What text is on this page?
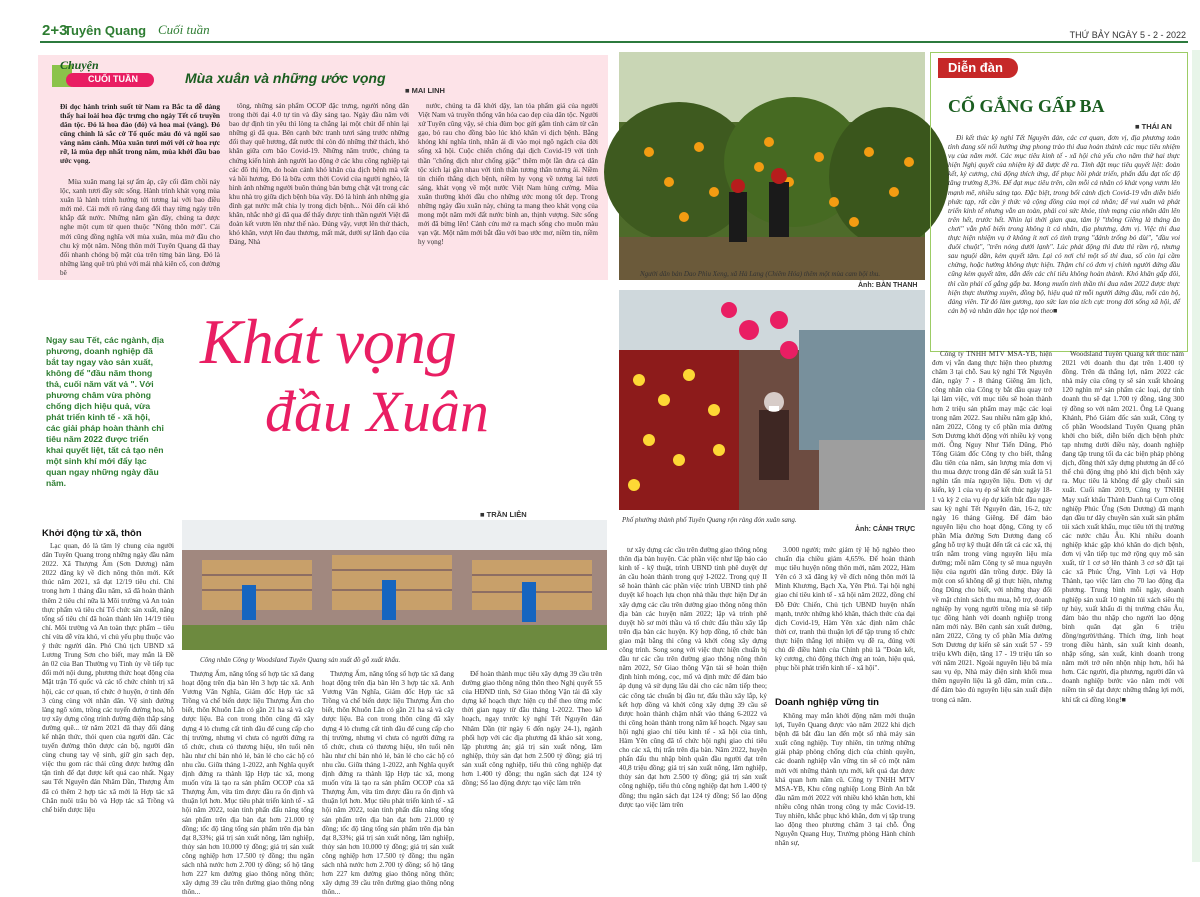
2+3
Tuyên Quang Cuối tuần	THỨ BẢY NGÀY 5 - 2 - 2022
Chuyện
CUỐI TUẦN	Mùa xuân và những ước vọng
■ MAI LINH
Đi dọc hành trình suốt từ Nam ra Bắc ta dễ dàng thấy hai loài hoa đặc trưng cho ngày Tết cổ truyền dân tộc. Đó là hoa đào (đỏ) và hoa mai (vàng). Đó cũng chính là sắc cờ Tổ quốc màu đỏ và ngôi sao vàng năm cánh. Mùa xuân tươi mới với cờ hoa rực rỡ, là mùa đẹp nhất trong năm, mùa khởi đầu bao ước vọng.

Mùa xuân mang lại sự ấm áp, cây cối đâm chồi nảy lộc, xanh tươi đầy sức sống. Hành trình khát vọng mùa xuân là hành trình hướng tới tương lai với bao điều mới mẻ. Cái mới rõ ràng đang đổi thay từng ngày trên khắp đất nước. Những năm gần đây, chúng ta được nghe một cụm từ quen thuộc "Nông thôn mới". Cái mới cũng đồng nghĩa với mùa xuân, mùa mở đầu cho chu kỳ một năm. Nông thôn mới Tuyên Quang đã thay đổi nhanh chóng bộ mặt của trên từng bản làng. Đó là những làng quê trù phú với mái nhà kiên cố, con đường bê

tông, những sản phẩm OCOP đặc trưng, người nông dân trong thời đại 4.0 tự tin và đầy sáng tạo. Ngày đầu năm với bao dự định tin yêu thì lòng ta chẳng lại một chút để nhìn lại những gì đã qua. Bên cạnh bức tranh tươi sáng trước những đổi thay quê hương, đất nước thì còn đó những thử thách, khó khăn giữa cơn bão Covid-19. Những năm trước, chúng ta chứng kiến hình ảnh người lao động ở các khu công nghiệp tại các đô thị lớn, do hoàn cảnh khó khăn của dịch bệnh mà vất vả hồi hương. Đó là bữa cơm thời Covid của người nghèo, là hình ảnh những người buôn thúng bán bưng chật vật trong các khu nhà trọ giữa dịch bệnh bùa vây. Đó là hình ảnh những gia đình gạt nước mắt chia ly trong dịch bệnh... Nói đến cái khó khăn, nhắc nhở gì đã qua để thấy được tinh thần người Việt đã đoàn kết vươn lên như thế nào. Đúng vậy, vượt lên thử thách, khó khăn, vượt lên đau thương, mất mát, dưới sự lãnh đạo của Đảng, Nhà

nước, chúng ta đã khởi dậy, lan tỏa phẩm giá của người Việt Nam và truyền thống văn hóa cao đẹp của dân tộc. Người xứ Tuyên cũng vậy, sẻ chia đùm bọc gửi gắm tình cảm từ cân gạo, bó rau cho đồng bào lúc khó khăn vì dịch bệnh. Bằng khóng khí nghĩa tình, nhân ái đi vào mọi ngõ ngách của đời sống xã hội. Cuộc chiến chống đại dịch Covid-19 với tinh thần "chống dịch như chống giặc" thêm một lần đưa cả dân tộc xích lại gần nhau với tinh thần tương thân tương ái. Niềm tin chiến thắng dịch bệnh, niềm hy vọng về tương lai tươi sáng, khát vọng về một nước Việt Nam hùng cường. Mùa xuân thường khởi đầu cho những ước mong tốt đẹp. Trong những ngày đầu xuân này, chúng ta mang theo khát vọng của mong một năm mới đất nước bình an, thịnh vượng. Sức sống mới đã bừng lên! Cảnh cửu mở ra mạch sống cho muôn màu vạn vật. Một năm mới bắt đầu với bao ước mơ, niềm tin, niềm hy vọng!

Người dân bản Dao Phìu Xeng, xã Hà Lang (Chiêm Hóa) thêm một mùa cam bội thu.
Ảnh: BÀN THANH
Diễn đàn
CỐ GẮNG GẤP BA
■ THÁI AN

Đi kết thúc kỳ nghỉ Tết Nguyên đán, các cơ quan, đơn vị, địa phương toàn tỉnh đang sôi nổi hướng ứng phong trào thi đua hoàn thành các mục tiêu nhiệm vụ của năm mới. Các mục tiêu kinh tế - xã hội chủ yếu cho năm thứ hai thực hiện Nghị quyết của nhiệm kỳ đã được đề ra. Tỉnh đặt mục tiêu quyết liệt: đoàn kết, kỷ cương, chủ động thích ứng, để phục hồi phát triển, phấn đấu đạt tốc độ tăng trưởng 8,3%. Để đạt mục tiêu trên, cần mỗi cá nhân có khát vọng vươn lên mạnh mẽ, nhiều sáng tạo. Đặc biệt, trong bối cảnh dịch Covid-19 vẫn diễn biến phức tạp, rất cần ý thức và cộng đồng của mọi cá nhân; để vui xuân và phát triển kinh tế nhưng vẫn an toàn, phải coi sức khỏe, tính mạng của nhân dân lên trên hết, trước hết. Nhìn lại thời gian qua, tâm lý "thông Giêng là tháng ăn chơi" vẫn phổ biến trong không ít cá nhân, địa phương, đơn vị. Việc thi đua thực hiện nhiệm vụ ở không ít nơi có tình trạng "đánh trống bỏ dùi", "đầu voi đuôi chuột", "trên nóng dưới lạnh". Lúc phát động thì đưa thì rầm rộ, nhưng sau nguội dần, kém quyết tâm. Lại có nơi chỉ một số thi đua, số còn lại cầm chừng, hoặc hưởng không thực hiện. Thậm chí có đơn vị chính người đứng đầu cũng kém quyết tâm, dẫn đến các chỉ tiêu không hoàn thành. Khó khăn gấp đôi, thì cần phải cố gắng gấp ba. Mong muốn tinh thần thi đua năm 2022 được thực hiện thực thường xuyên, đồng bộ, hiệu quả từ mỗi người đứng đầu, mỗi cán bộ, đảng viên. Từ đó làm gương, tạo sức lan tỏa tích cực trong đời sống xã hội, để cán bộ và nhân dân học tập noi theo■

Phố phường thành phố Tuyên Quang rộn ràng đón xuân sang.
Ảnh: CẢNH TRỰC
Ngay sau Tết, các ngành, địa phương, doanh nghiệp đã bắt tay ngay vào sản xuất, không để "đầu năm thong thả, cuối năm vất vả ". Với phương châm vừa phòng chống dịch hiệu quả, vừa phát triển kinh tế - xã hội, các giải pháp hoàn thành chỉ tiêu năm 2022 được triển khai quyết liệt, tất cả tạo nên một sinh khí mới đẩy lạc quan ngay những ngày đầu năm.
Khát vọng
đầu Xuân
■ TRẦN LIÊN
Công nhân Công ty Woodsland Tuyên Quang sản xuất đồ gỗ xuất khẩu.
Khởi động từ xã, thôn

Lạc quan, đó là tâm lý chung của người dân Tuyên Quang trong những ngày đầu năm 2022. Xã Thượng Ấm (Sơn Dương) năm 2022 đăng ký về đích nông thôn mới. Kết thúc năm 2021, xã đạt 12/19 tiêu chí. Chỉ trong hơn 1 tháng đầu năm, xã đã hoàn thành thêm 2 tiêu chí nữa là Môi trường và An toàn thực phẩm và tiêu chí Tổ chức sản xuất, nâng tổng số tiêu chí đã hoàn thành lên 14/19 tiêu chí. Môi trường và An toàn thực phẩm – tiêu chí vừa dễ vừa khó, vì chủ yếu phụ thuộc vào ý thức người dân. Phó Chủ tịch UBND xã Lương Trung Sơn cho biết, may mắn là Đề án 02 của Ban Thường vụ Tỉnh ủy về tiếp tục đổi mới nội dung, phương thức hoạt động của Mặt trận Tổ quốc và các tổ chức chính trị xã hội, các cơ quan, tổ chức ở huyện, ở tỉnh đến 3 cùng cùng với nhân dân. Vệ sinh đường làng ngõ xóm, trồng các tuyến đường hoa, hỗ trợ xây dựng công trình đường điện thắp sáng đường quê... từ năm 2021 đã thay đổi đáng kể nhận thức, thói quen của người dân. Các tuyến đường thôn được cán bộ, người dân cùng chung tay vệ sinh, giữ gìn sạch đẹp, việc thu gom rác thải cũng được hướng dẫn tận tình để đạt được kết quả cao nhất. Ngay sau Tết Nguyên đán Nhâm Dần, Thượng Ấm đã có thêm 2 hợp tác xã mới là Hợp tác xã Chăn nuôi trâu bò và Hợp tác xã Trồng và chế biến dược liệu

Thượng Ấm, nâng tổng số hợp tác xã đang hoạt động trên địa bàn lên 3 hợp tác xã. Anh Vương Văn Nghĩa, Giám đốc Hợp tác xã Trồng và chế biến dược liệu Thượng Ấm cho biết, thôn Khuôn Lăn có gần 21 ha sả và cây dược liệu. Bà con trong thôn cũng đã xây dựng 4 lò chưng cất tinh dầu để cung cấp cho thị trường, nhưng vì chưa có người đứng ra tổ chức, chưa có thương hiệu, tên tuổi nên hầu như chỉ bán nhỏ lẻ, bán lẻ cho các hộ có nhu cầu. Giữa tháng 1-2022, anh Nghĩa quyết định đứng ra thành lập Hợp tác xã, mong muốn vừa là tạo ra sản phẩm OCOP của xã Thượng Ấm, vừa tìm được đầu ra ổn định và thuận lợi hơn. Mục tiêu phát triển kinh tế - xã hội năm 2022, toàn tỉnh phấn đấu nâng tổng sản phẩm trên địa bàn đạt hơn 21.000 tỷ đồng; tốc độ tăng tổng sản phẩm trên địa bàn đạt 8,33%; giá trị sản xuất nông, lâm nghiệp, thủy sản hơn 10.000 tỷ đồng; giá trị sản xuất công nghiệp hơn 17.500 tỷ đồng; thu ngân sách nhà nước hơn 2.700 tỷ đồng; số hộ tăng hơn 227 km đường giao thông nông thôn; xây dựng 39 cầu trên đường giao thông nông thôn...

Thượng Ấm, nâng tổng số hợp tác xã đang hoạt động trên địa bàn lên 3 hợp tác xã. Anh Vương Văn Nghĩa, Giám đốc Hợp tác xã Trồng và chế biến dược liệu Thượng Ấm cho biết, thôn Khuôn Lăn có gần 21 ha sả và cây dược liệu. Bà con trong thôn cũng đã xây dựng 4 lò chưng cất tinh dầu để cung cấp cho thị trường, nhưng vì chưa có người đứng ra tổ chức, chưa có thương hiệu, tên tuổi nên hầu như chỉ bán nhỏ lẻ, bán lẻ cho các hộ có nhu cầu. Giữa tháng 1-2022, anh Nghĩa quyết định đứng ra thành lập Hợp tác xã, mong muốn vừa là tạo ra sản phẩm OCOP của xã Thượng Ấm, vừa tìm được đầu ra ổn định và thuận lợi hơn. Mục tiêu phát triển kinh tế - xã hội năm 2022, toàn tỉnh phấn đấu nâng tổng sản phẩm trên địa bàn đạt hơn 21.000 tỷ đồng; tốc độ tăng tổng sản phẩm trên địa bàn đạt 8,33%; giá trị sản xuất nông, lâm nghiệp, thủy sản hơn 10.000 tỷ đồng; giá trị sản xuất công nghiệp hơn 17.500 tỷ đồng; thu ngân sách nhà nước hơn 2.700 tỷ đồng; số hộ tăng hơn 227 km đường giao thông nông thôn; xây dựng 39 cầu trên đường giao thông nông thôn...

Để hoàn thành mục tiêu xây dựng 39 cầu trên đường giao thông nông thôn theo Nghị quyết 55 của HĐND tỉnh, Sở Giao thông Vận tải đã xây dựng kế hoạch thực hiện cụ thể theo từng mốc thời gian ngay từ đầu tháng 1-2022. Theo kế hoạch, ngay trước kỳ nghỉ Tết Nguyên đán Nhâm Dần (từ ngày 6 đến ngày 24-1), ngành phối hợp với các địa phương đã khảo sát xong, lập phương án; giá trị sản xuất nông, lâm nghiệp, thủy sản đạt hơn 2.500 tỷ đồng; giá trị sản xuất công nghiệp, tiểu thủ công nghiệp đạt hơn 1.400 tỷ đồng; thu ngân sách đạt 124 tỷ đồng; Số lao động được tạo việc làm trên

tư xây dựng các cầu trên đường giao thông nông thôn địa bàn huyện. Các phần việc như lập báo cáo kinh tế - kỹ thuật, trình UBND tỉnh phê duyệt dự án cầu hoàn thành trong quý I-2022. Trong quý II sẽ hoàn thành các phần việc trình UBND tỉnh phê duyệt kế hoạch lựa chọn nhà thầu thực hiện Dự án xây dựng các cầu trên đường giao thông nông thôn địa bàn các huyện năm 2022; lập và trình phê duyệt hồ sơ mời thầu và tổ chức đấu thầu xây lắp trên địa bàn các huyện. Kỳ hợp đồng, tổ chức bàn giao mặt bằng thi công và khởi công xây dựng công trình. Song song với việc thực hiện chuẩn bị đầu tư các cầu trên đường giao thông nông thôn năm 2022, Sở Giao thông Vận tải sẽ hoàn thiện định hình móng, cọc, mố và định mức để đảm bảo áp dụng và sử dụng lâu dài cho các năm tiếp theo; các công tác chuẩn bị đầu tư, đấu thầu xây lắp, ký kết hợp đồng và khởi công xây dựng 39 cầu sẽ được hoàn thành chậm nhất vào tháng 6-2022 và thi công hoàn thành trong năm kế hoạch. Ngay sau hội nghị giao chỉ tiêu kinh tế - xã hội của tỉnh, Hàm Yên cũng đã tổ chức hội nghị giao chỉ tiêu cho các xã, thị trấn trên địa bàn. Năm 2022, huyện phấn đấu thu nhập bình quân đầu người đạt trên 40,8 triệu đồng; giá trị sản xuất nông, lâm nghiệp, thủy sản đạt hơn 2.500 tỷ đồng; giá trị sản xuất công nghiệp, tiểu thủ công nghiệp đạt hơn 1.400 tỷ đồng; thu ngân sách đạt 124 tỷ đồng; Số lao động được tạo việc làm trên

3.000 người; mức giảm tỷ lệ hộ nghèo theo chuẩn địa chiều giảm 4,65%. Để hoàn thành mục tiêu huyện nông thôn mới, năm 2022, Hàm Yên có 3 xã đăng ký về đích nông thôn mới là Minh Khương, Bạch Xa, Yên Phú. Tại hội nghị giao chỉ tiêu kinh tế - xã hội năm 2022, đồng chí Đỗ Đức Chiến, Chủ tịch UBND huyện nhấn mạnh, trước những khó khăn, thách thức của đại dịch Covid-19, Hàm Yên xác định năm chắc thời cơ, tranh thủ thuận lợi để tập trung tổ chức thực hiện thắng lợi nhiệm vụ đề ra, đúng với chủ đề điều hành của Chính phủ là "Đoàn kết, kỷ cương, chủ động thích ứng an toàn, hiệu quả, phục hồi phát triển kinh tế - xã hội".

Doanh nghiệp vững tin

Không may mắn khởi động năm mới thuận lợi, Tuyên Quang được vào năm 2022 khi dịch bệnh đã bắt đầu lan đến một số nhà máy sản xuất công nghiệp. Tuy nhiên, tin tưởng những giải pháp phòng chống dịch của chính quyền, các doanh nghiệp vẫn vững tin sẽ có một năm mới với những thành tựu mới, kết quả đạt được khả quan hơn năm cũ. Công ty TNHH MTV MSA-YB, Khu công nghiệp Long Bình An bắt đầu năm mới 2022 với nhiều khó khăn hơn, khi nhiều công nhân trong công ty mắc Covid-19. Tuy nhiên, khắc phục khó khăn, đơn vị tập trung lao động theo phương châm 3 tại chỗ. Ông Nguyễn Quang Huy, Trưởng phòng Hành chính nhân sự,

Công ty TNHH MTV MSA-YB, hiện đơn vị vẫn đang thực hiện theo phương châm 3 tại chỗ. Sau kỳ nghỉ Tết Nguyên đán, ngày 7 - 8 tháng Giêng âm lịch, công nhân của Công ty bắt đầu quay trở lại làm việc, với mục tiêu sẽ hoàn thành hơn 2 triệu sản phẩm may mặc các loại trong năm 2022. Sau nhiều năm gặp khó, năm 2022, Công ty cổ phần mía đường Sơn Dương khởi động với nhiều kỳ vọng mới. Ông Nguy Như Tiến Dũng, Phó Tổng Giám đốc Công ty cho biết, thắng đầu tiên của năm, sản lượng mía đơn vị thu mua được trong dân để sản xuất là 51 nghìn tấn mía nguyên liệu. Đơn vị dự kiến, kỳ 1 của vụ ép sẽ kết thúc ngày 18-1 và kỳ 2 của vụ ép dự kiến bắt đầu ngay sau kỳ nghỉ Tết Nguyên đán, 16-2, tức ngày 16 tháng Giêng. Để đảm bảo nguyên liệu cho hoạt động, Công ty cổ phần Mía đường Sơn Dương đang cố gắng hỗ trợ kỹ thuật đến tất cả các xã, thị trấn nằm trong vùng nguyên liệu mía đường; mỗi năm Công ty sẽ mua nguyên liệu của người dân trồng được. Đây là một con số không dễ gì thực hiện, nhưng ông Dũng cho biết, với những thay đổi về mặt chính sách thu mua, hỗ trợ, doanh nghiệp hy vọng người trồng mía sẽ tiếp tục đồng hành với doanh nghiệp trong năm mới này. Bên cạnh sản xuất đường, năm 2022, Công ty cổ phần Mía đường Sơn Dương dự kiến sẽ sản xuất 57 - 59 triệu kWh điện, tăng 17 - 19 triệu tấn so với năm 2021. Ngoài nguyên liệu bã mía sau vụ ép, Nhà máy điện sinh khối mua thêm nguyên liệu là gỗ dăm, mùn cưa... để đảm bảo đủ nguyên liệu sản xuất điện trong cả năm.

Woodsland Tuyên Quang kết thúc năm 2021 với doanh thu đạt trên 1.400 tỷ đồng. Trên đà thắng lợi, năm 2022 các nhà máy của công ty sẽ sản xuất khoảng 120 nghìn m³ sản phẩm các loại, dự tính doanh thu sẽ đạt 1.700 tỷ đồng, tăng 300 tỷ đồng so với năm 2021. Ông Lê Quang Khánh, Phó Giám đốc sản xuất, Công ty cổ phần Woodsland Tuyên Quang phân khởi cho biết, diễn biến dịch bệnh phức tạp nhưng dưới điều này, doanh nghiệp đang tập trung tối đa các biện pháp phòng dịch, đồng thời xây dựng phương án để có thể chủ động ứng phó khi dịch bệnh xảy ra. Mục tiêu là không để gây chuỗi sản xuất. Cuối năm 2019, Công ty TNHH May xuất khẩu Thành Danh tại Cụm công nghiệp Phúc Ứng (Sơn Dương) đã mạnh dạn đầu tư dây chuyền sản xuất sản phẩm túi xách xuất khẩu, mục tiêu tới thị trường các nước châu Âu. Khi nhiều doanh nghiệp khác gặp khó khăn do dịch bệnh, đơn vị vẫn tiếp tục mở rộng quy mô sản xuất, từ 1 cơ sở lên thành 3 cơ sở đặt tại các xã Phúc Ứng, Vĩnh Lợi và Hợp Thành, tạo việc làm cho 70 lao động địa phương. Trung bình mỗi ngày, doanh nghiệp sản xuất 10 nghìn túi xách siêu thị tự hủy, xuất khẩu đi thị trường châu Âu, đảm bảo thu nhập cho người lao động bình quân đạt gần 6 triệu đồng/người/tháng. Thích ứng, linh hoạt trong điều hành, sản xuất kinh doanh, nhập sống, sản xuất, kinh doanh trong năm mới trở nên nhộn nhịp hơn, hối hả hơn. Các người, địa phương, người dân và doanh nghiệp bước vào năm mới với niềm tin sẽ đạt được những thắng lợi mới, khí tất cả đồng lòng!■
